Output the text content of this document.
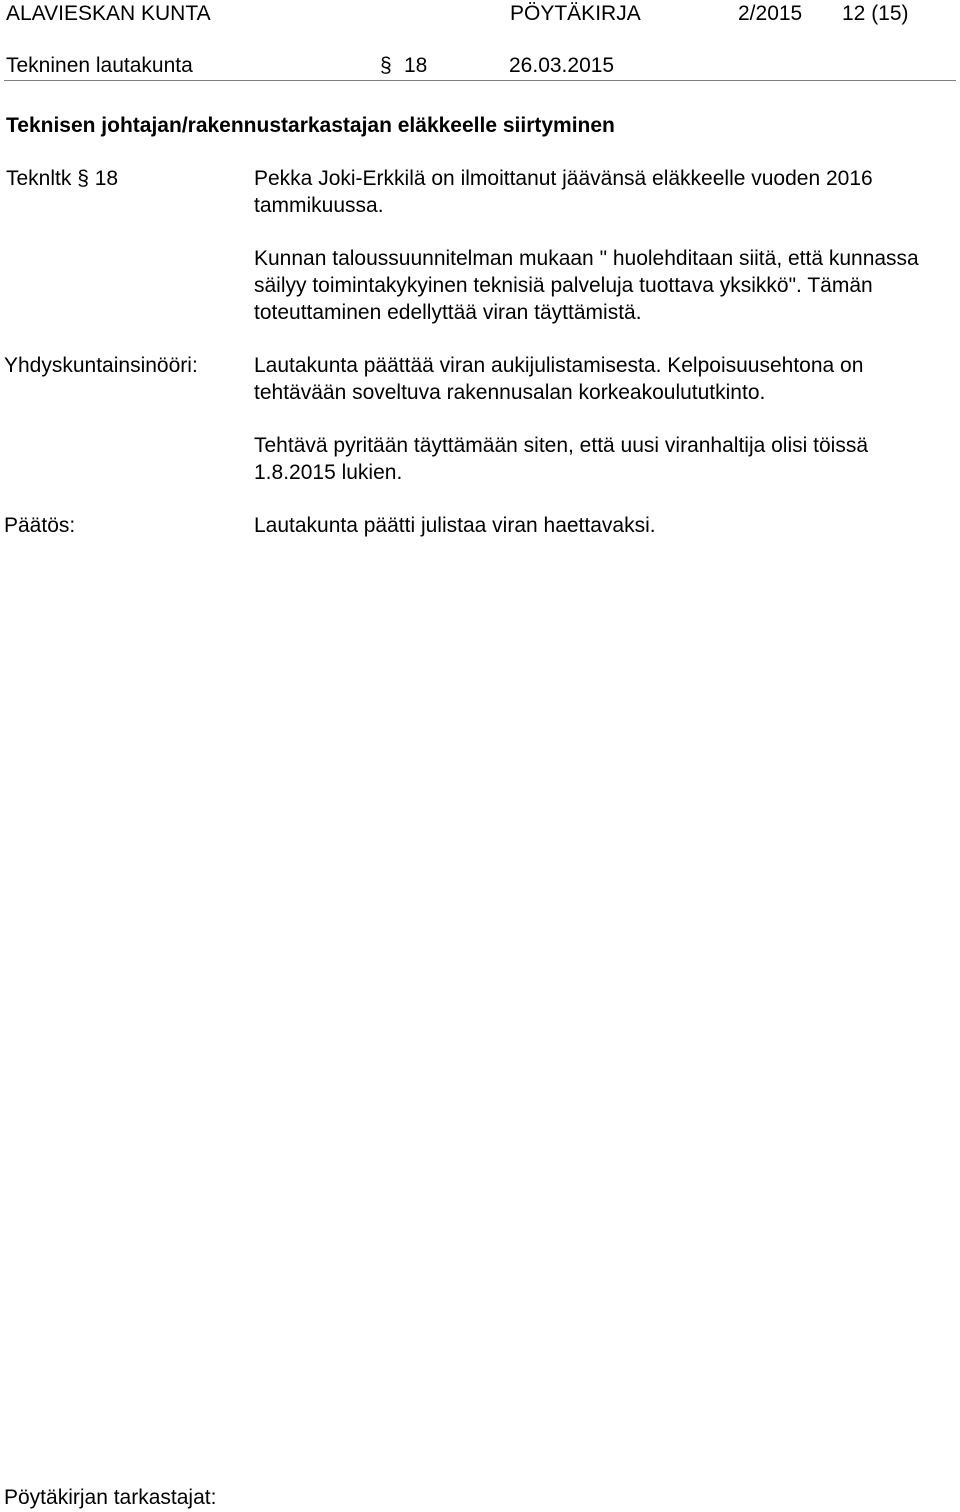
ALAVIESKAN KUNTA	PÖYTÄKIRJA	2/2015 12 (15)
Tekninen lautakunta	§ 18	26.03.2015
Teknisen johtajan/rakennustarkastajan eläkkeelle siirtyminen
Teknltk § 18	Pekka Joki-Erkkilä on ilmoittanut jäävänsä eläkkeelle vuoden 2016 tammikuussa.
Kunnan taloussuunnitelman mukaan " huolehditaan siitä, että kunnassa säilyy toimintakykyinen teknisiä palveluja tuottava yksikkö". Tämän toteuttaminen edellyttää viran täyttämistä.
Yhdyskuntainsinööri:	Lautakunta päättää viran aukijulistamisesta. Kelpoisuusehtona on tehtävään soveltuva rakennusalan korkeakoulututkinto.
Tehtävä pyritään täyttämään siten, että uusi viranhaltija olisi töissä 1.8.2015 lukien.
Päätös:	Lautakunta päätti julistaa viran haettavaksi.
Pöytäkirjan tarkastajat:
